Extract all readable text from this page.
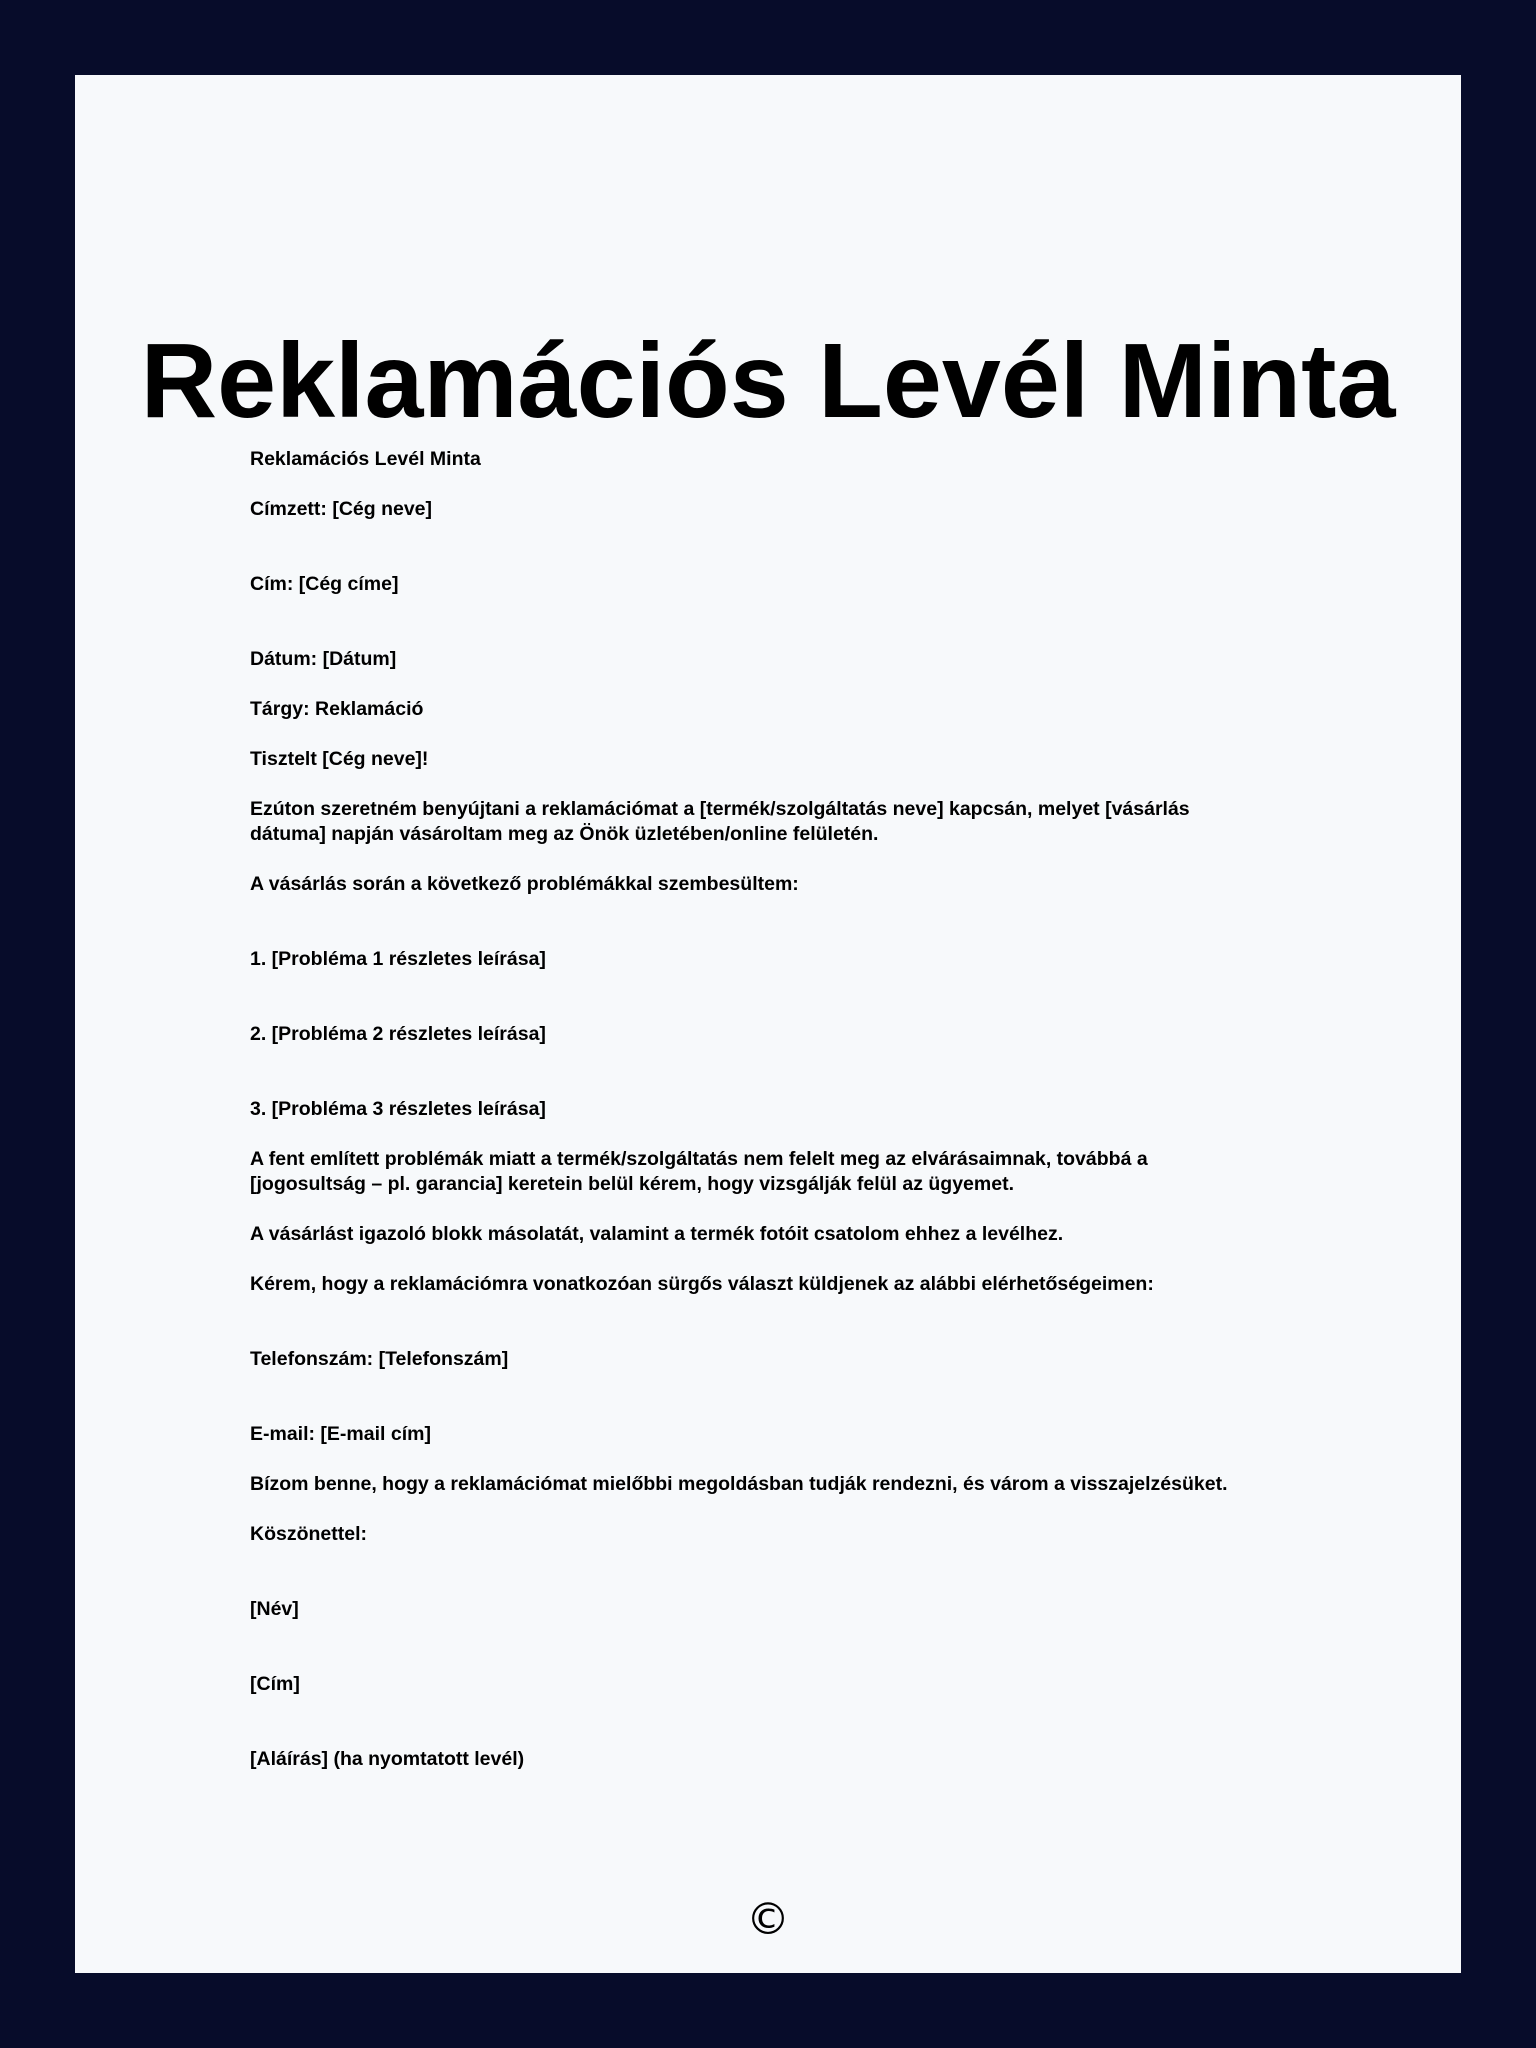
Reklamációs Levél Minta
Reklamációs Levél Minta
Címzett: [Cég neve]
Cím: [Cég címe]
Dátum: [Dátum]
Tárgy: Reklamáció
Tisztelt [Cég neve]!
Ezúton szeretném benyújtani a reklamációmat a [termék/szolgáltatás neve] kapcsán, melyet [vásárlás
dátuma] napján vásároltam meg az Önök üzletében/online felületén.
A vásárlás során a következő problémákkal szembesültem:
1. [Probléma 1 részletes leírása]
2. [Probléma 2 részletes leírása]
3. [Probléma 3 részletes leírása]
A fent említett problémák miatt a termék/szolgáltatás nem felelt meg az elvárásaimnak, továbbá a
[jogosultság – pl. garancia] keretein belül kérem, hogy vizsgálják felül az ügyemet.
A vásárlást igazoló blokk másolatát, valamint a termék fotóit csatolom ehhez a levélhez.
Kérem, hogy a reklamációmra vonatkozóan sürgős választ küldjenek az alábbi elérhetőségeimen:
Telefonszám: [Telefonszám]
E-mail: [E-mail cím]
Bízom benne, hogy a reklamációmat mielőbbi megoldásban tudják rendezni, és várom a visszajelzésüket.
Köszönettel:
[Név]
[Cím]
[Aláírás] (ha nyomtatott levél)
©
